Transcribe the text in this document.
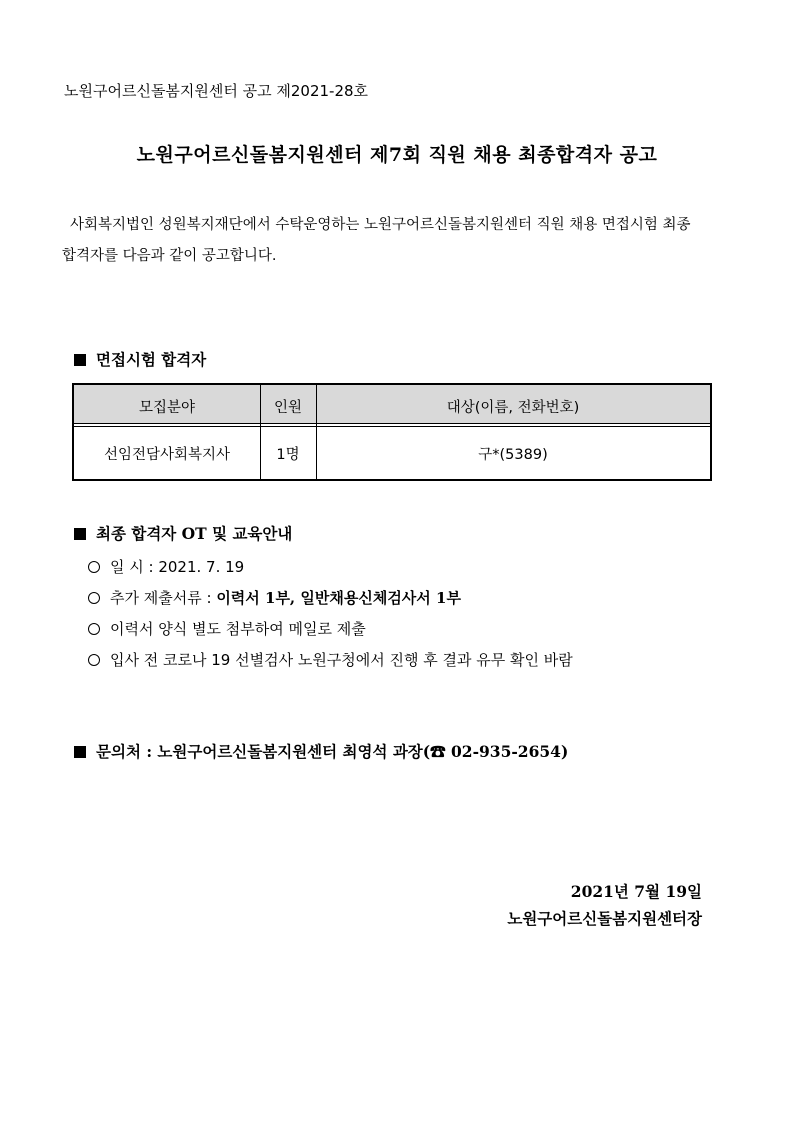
노원구어르신돌봄지원센터 공고 제2021-28호
노원구어르신돌봄지원센터 제7회 직원 채용 최종합격자 공고
사회복지법인 성원복지재단에서 수탁운영하는 노원구어르신돌봄지원센터 직원 채용 면접시험 최종
합격자를 다음과 같이 공고합니다.
면접시험 합격자
모집분야	인원	대상(이름, 전화번호)
선임전담사회복지사	1명	구*(5389)
최종 합격자 OT 및 교육안내
일 시 : 2021. 7. 19
추가 제출서류 : 이력서 1부, 일반채용신체검사서 1부
이력서 양식 별도 첨부하여 메일로 제출
입사 전 코로나 19 선별검사 노원구청에서 진행 후 결과 유무 확인 바람
문의처 : 노원구어르신돌봄지원센터 최영석 과장(☎ 02-935-2654)
2021년 7월 19일
노원구어르신돌봄지원센터장
